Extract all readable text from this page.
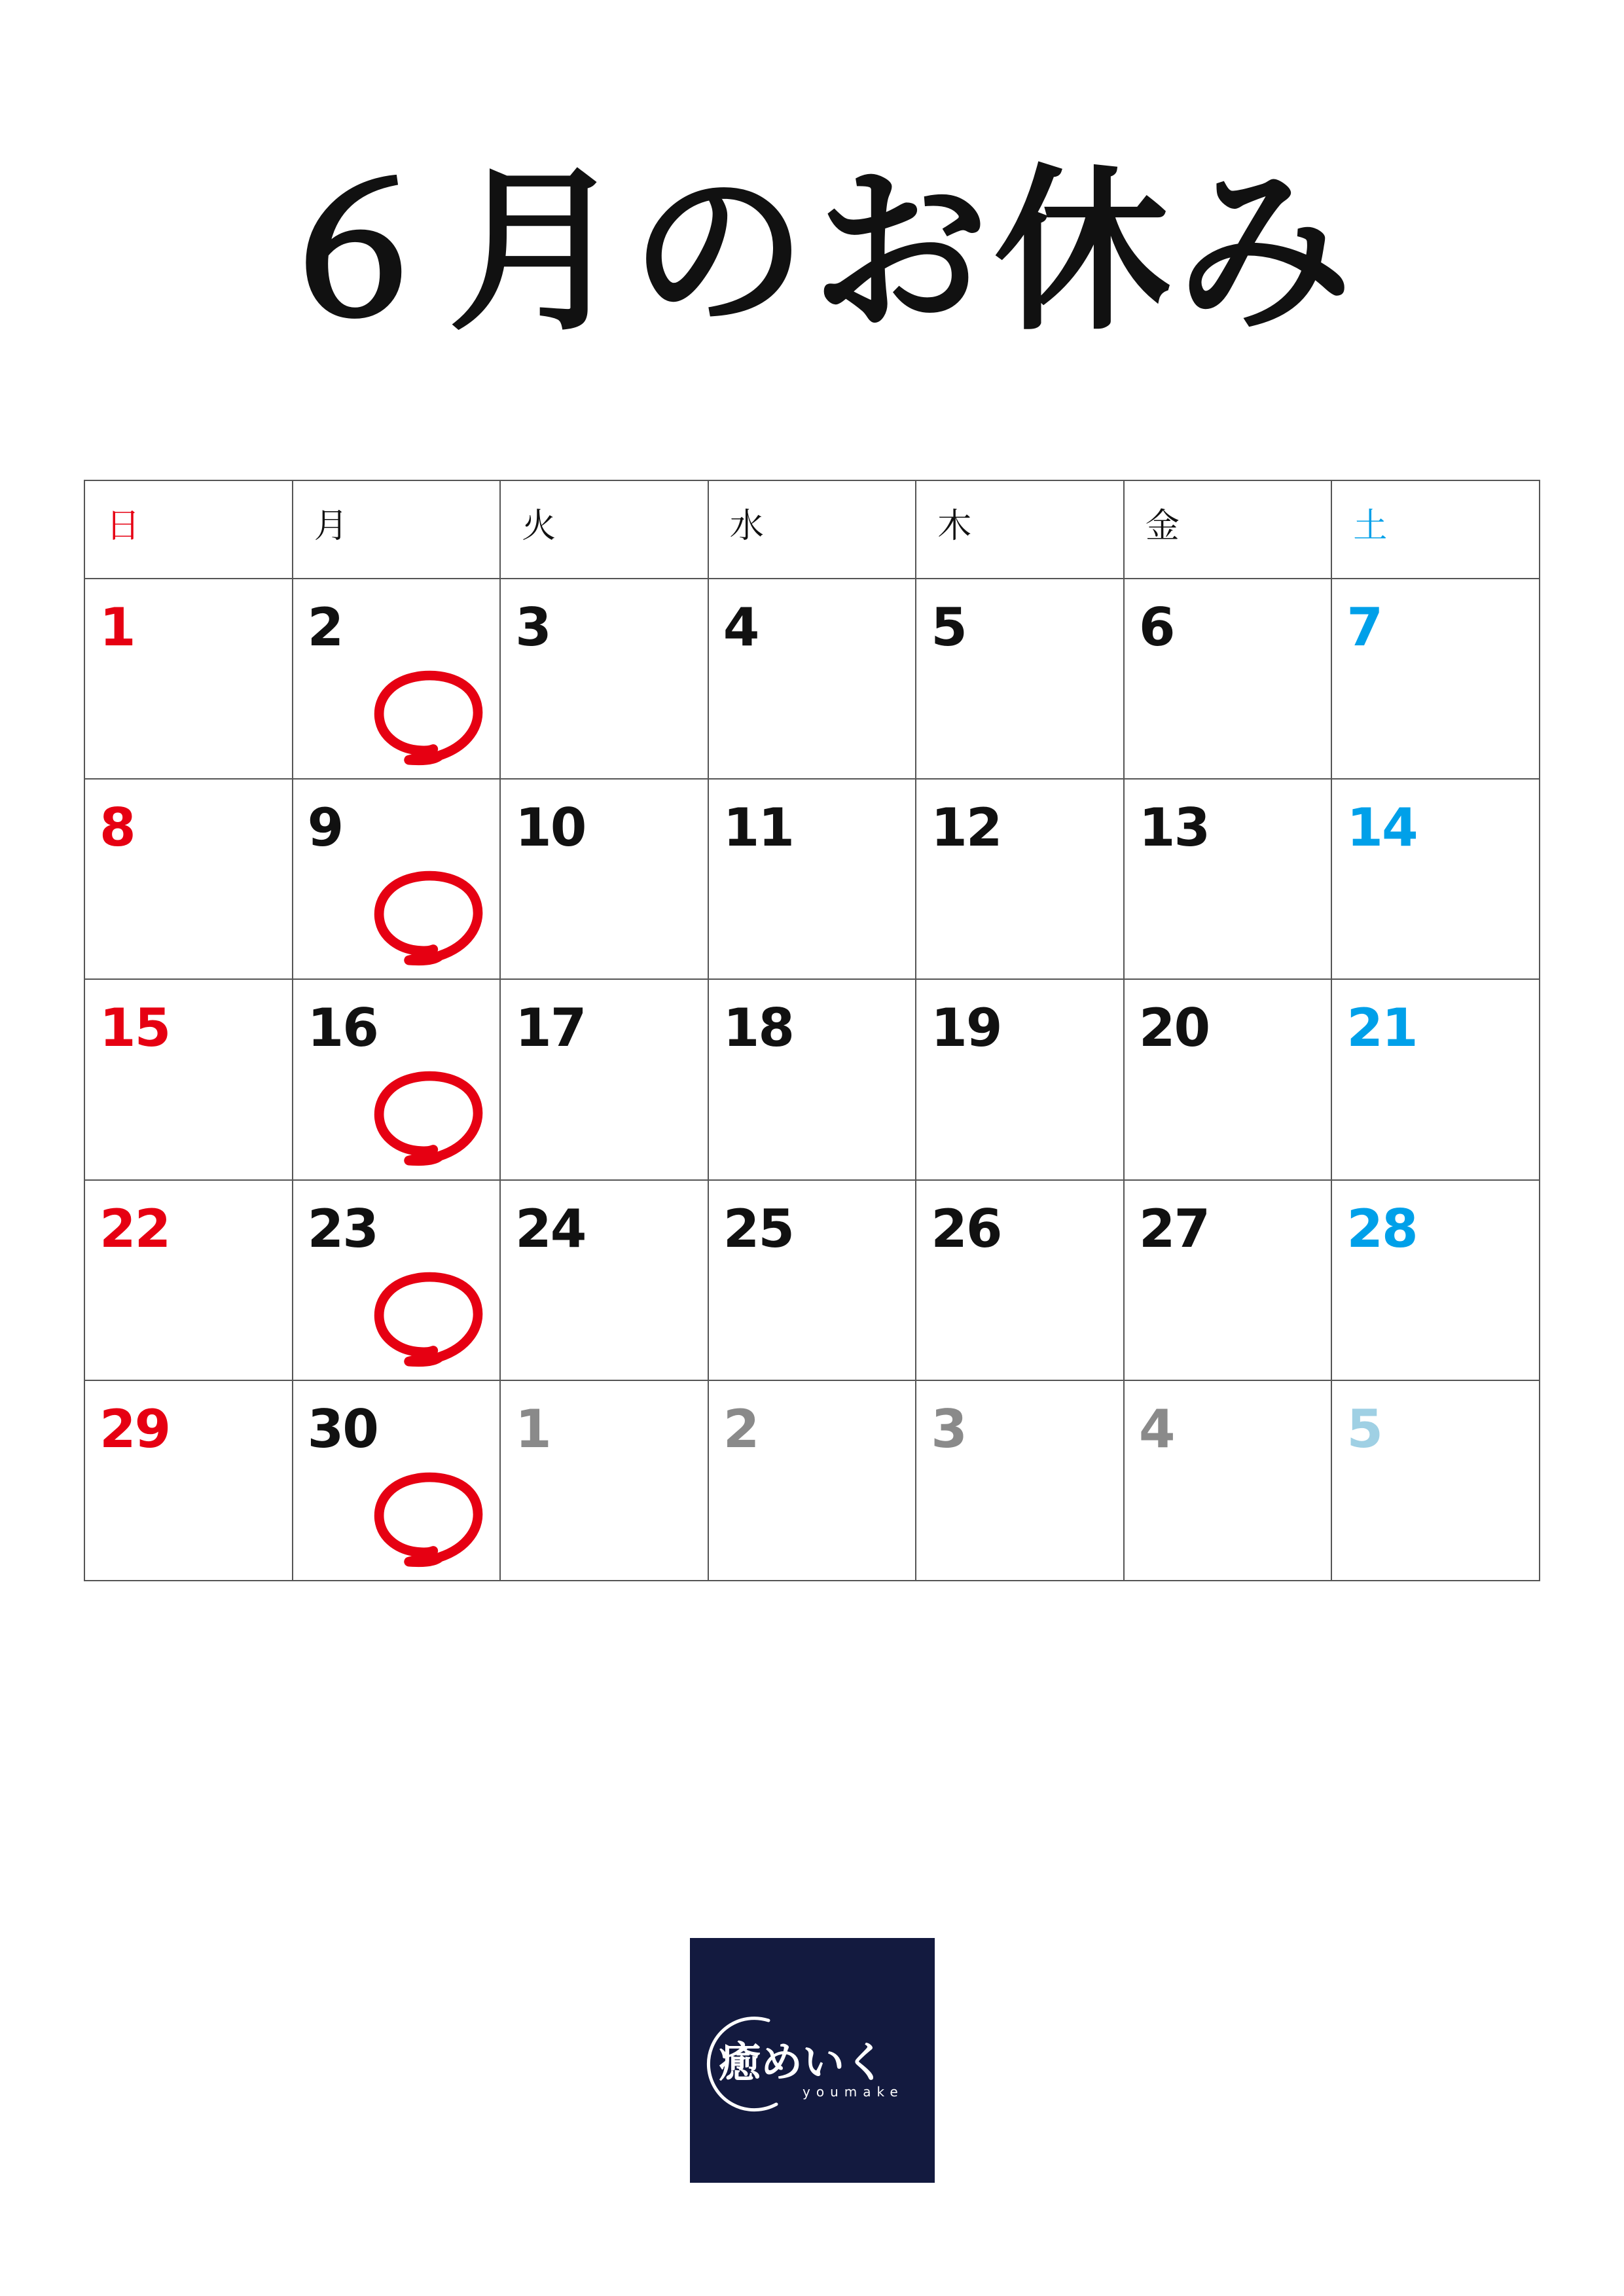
６月のお休み
日	月	火	水	木	金	土

1	2	3	4	5	6	7

8	9	10	11	12	13	14

15	16	17	18	19	20	21

22	23	24	25	26	27	28

29	30	1	2	3	4	5
癒めいく
youmake
